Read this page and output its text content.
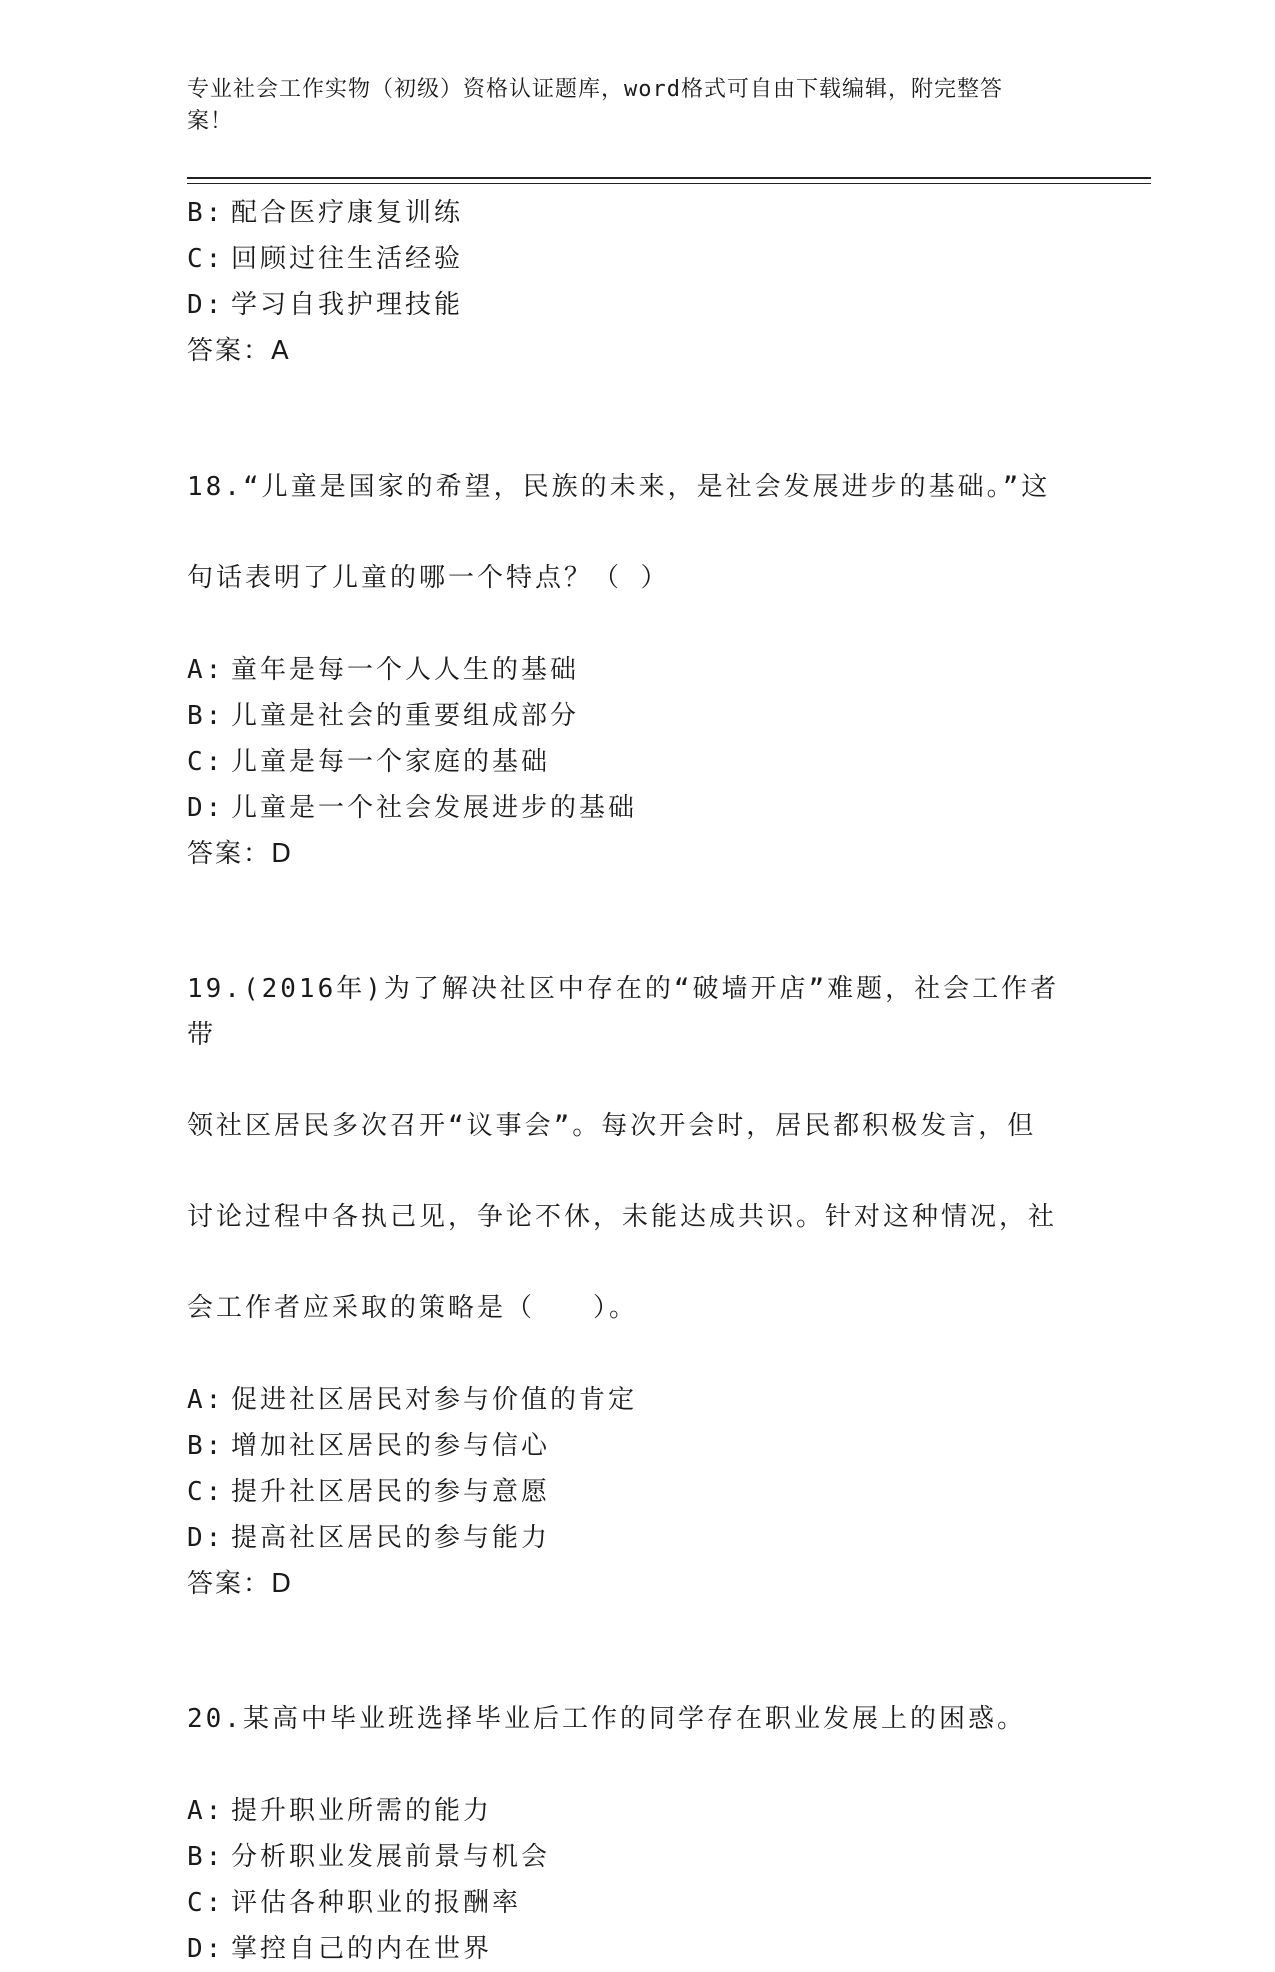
专业社会工作实物（初级）资格认证题库，word格式可自由下载编辑，附完整答
案！
B: 配合医疗康复训练
C: 回顾过往生活经验
D: 学习自我护理技能
答案：A

18.“儿童是国家的希望，民族的未来，是社会发展进步的基础。”这

句话表明了儿童的哪一个特点？（ ）

A: 童年是每一个人人生的基础
B: 儿童是社会的重要组成部分
C: 儿童是每一个家庭的基础
D: 儿童是一个社会发展进步的基础
答案：D

19.(2016年)为了解决社区中存在的“破墙开店”难题，社会工作者带

领社区居民多次召开“议事会”。每次开会时，居民都积极发言，但

讨论过程中各执己见，争论不休，未能达成共识。针对这种情况，社

会工作者应采取的策略是（　　）。

A: 促进社区居民对参与价值的肯定
B: 增加社区居民的参与信心
C: 提升社区居民的参与意愿
D: 提高社区居民的参与能力
答案：D

20.某高中毕业班选择毕业后工作的同学存在职业发展上的困惑。

A: 提升职业所需的能力
B: 分析职业发展前景与机会
C: 评估各种职业的报酬率
D: 掌控自己的内在世界
